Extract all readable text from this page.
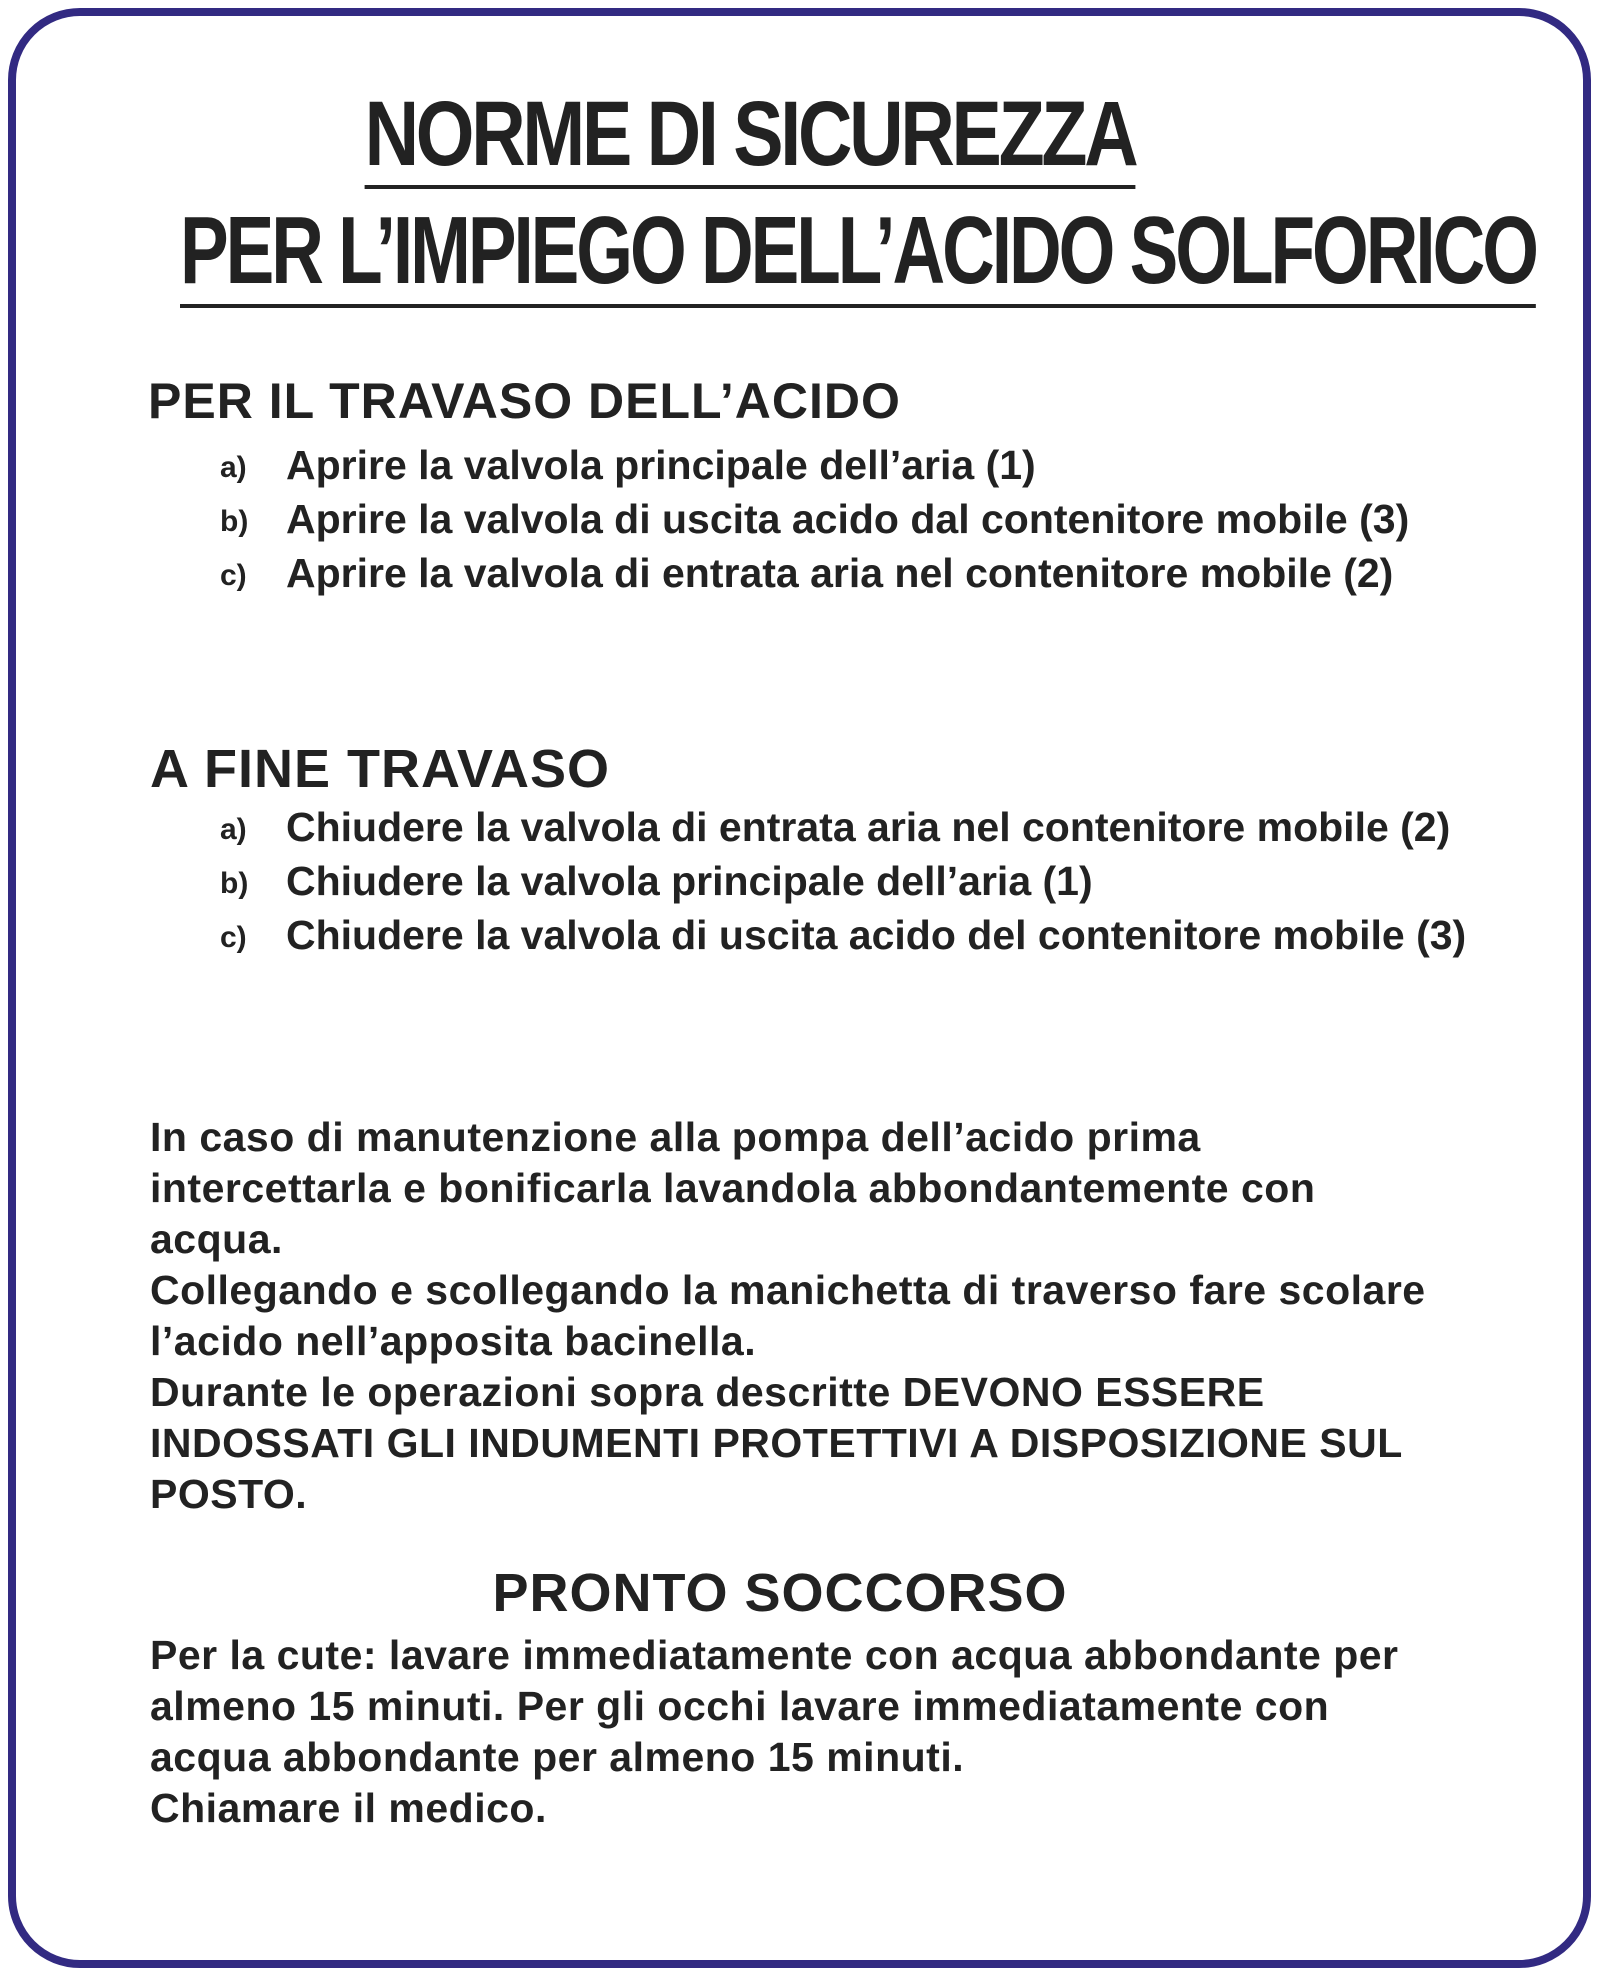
NORME DI SICUREZZA
PER L’IMPIEGO DELL’ACIDO SOLFORICO
PER IL TRAVASO DELL’ACIDO
a) Aprire la valvola principale dell’aria (1)
b) Aprire la valvola di uscita acido dal contenitore mobile (3)
c) Aprire la valvola di entrata aria nel contenitore mobile (2)
A FINE TRAVASO
a) Chiudere la valvola di entrata aria nel contenitore mobile (2)
b) Chiudere la valvola principale dell’aria (1)
c) Chiudere la valvola di uscita acido del contenitore mobile (3)

In caso di manutenzione alla pompa dell’acido prima intercettarla e bonificarla lavandola abbondantemente con acqua.

Collegando e scollegando la manichetta di traverso fare scolare l’acido nell’apposita bacinella.

Durante le operazioni sopra descritte DEVONO ESSERE INDOSSATI GLI INDUMENTI PROTETTIVI A DISPOSIZIONE SUL POSTO.

PRONTO SOCCORSO

Per la cute: lavare immediatamente con acqua abbondante per almeno 15 minuti. Per gli occhi lavare immediatamente con acqua abbondante per almeno 15 minuti.

Chiamare il medico.
